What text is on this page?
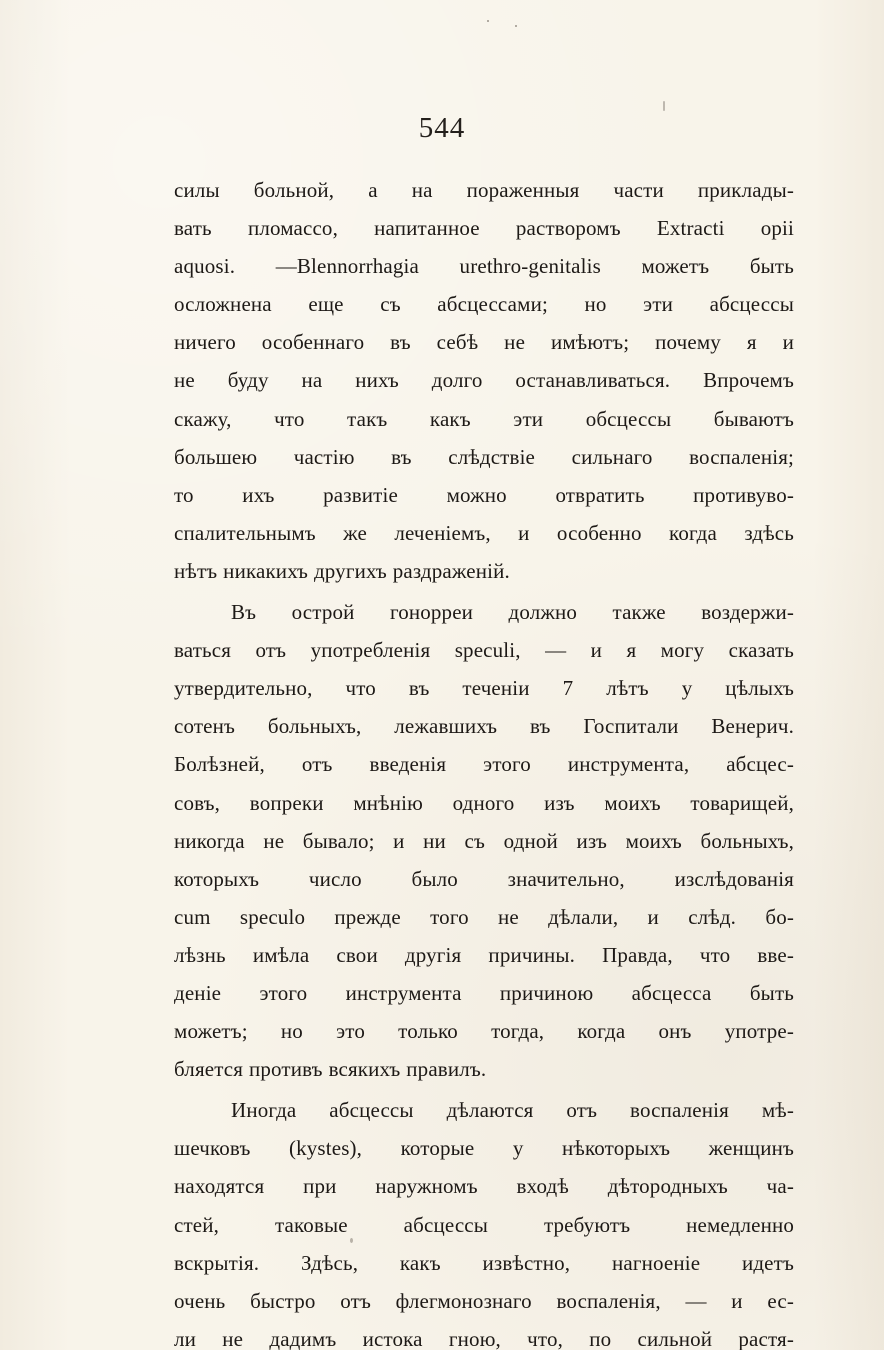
544
силы больной, а на пораженныя части приклады-
вать пломассо, напитанное растворомъ Extracti opii
aquosi. —Blennorrhagia urethro-genitalis можетъ быть
осложнена еще съ абсцессами; но эти абсцессы
ничего особеннаго въ себѣ не имѣютъ; почему я и
не буду на нихъ долго останавливаться. Впрочемъ
скажу, что такъ какъ эти обсцессы бываютъ
большею частію въ слѣдствіе сильнаго воспаленія;
то ихъ развитіе можно отвратить противуво-
спалительнымъ же леченіемъ, и особенно когда здѣсь
нѣтъ никакихъ другихъ раздраженій.
Въ острой гонорреи должно также воздержи-
ваться отъ употребленія speculi, — и я могу сказать
утвердительно, что въ теченіи 7 лѣтъ у цѣлыхъ
сотенъ больныхъ, лежавшихъ въ Госпитали Венерич.
Болѣзней, отъ введенія этого инструмента, абсцес-
совъ, вопреки мнѣнію одного изъ моихъ товарищей,
никогда не бывало; и ни съ одной изъ моихъ больныхъ,
которыхъ число было значительно, изслѣдованія
cum speculo прежде того не дѣлали, и слѣд. бо-
лѣзнь имѣла свои другія причины. Правда, что вве-
деніе этого инструмента причиною абсцесса быть
можетъ; но это только тогда, когда онъ употре-
бляется противъ всякихъ правилъ.
Иногда абсцессы дѣлаются отъ воспаленія мѣ-
шечковъ (kystes), которые у нѣкоторыхъ женщинъ
находятся при наружномъ входѣ дѣтородныхъ ча-
стей, таковые абсцессы требуютъ немедленно
вскрытія. Здѣсь, какъ извѣстно, нагноеніе идетъ
очень быстро отъ флегмонознаго воспаленія, — и ес-
ли не дадимъ истока гною, что, по сильной растя-
